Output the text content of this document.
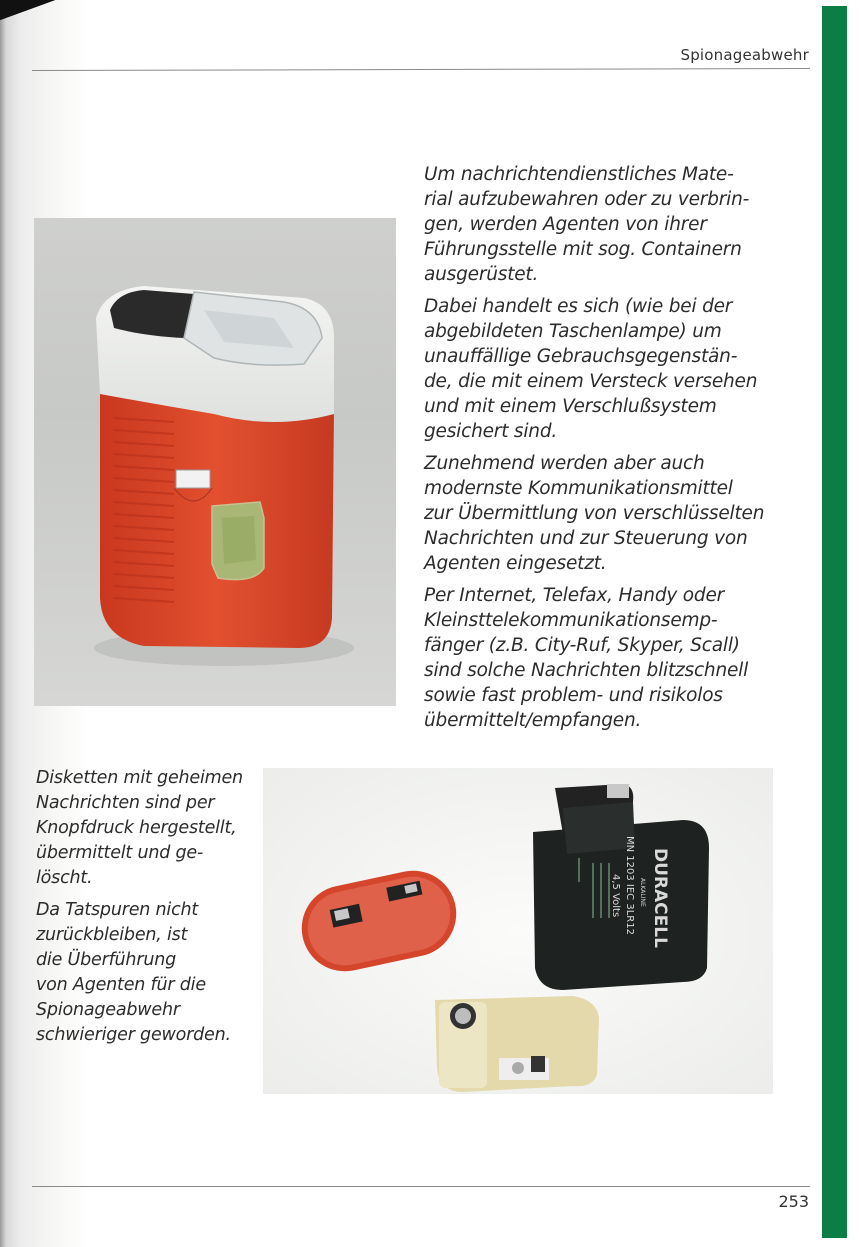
Spionageabwehr

Um nachrichtendienstliches Mate-
rial aufzubewahren oder zu verbrin-
gen, werden Agenten von ihrer
Führungsstelle mit sog. Containern
ausgerüstet.

Dabei handelt es sich (wie bei der
abgebildeten Taschenlampe) um
unauffällige Gebrauchsgegenstän-
de, die mit einem Versteck versehen
und mit einem Verschlußsystem
gesichert sind.

Zunehmend werden aber auch
modernste Kommunikationsmittel
zur Übermittlung von verschlüsselten
Nachrichten und zur Steuerung von
Agenten eingesetzt.

Per Internet, Telefax, Handy oder
Kleinsttelekommunikationsemp-
fänger (z.B. City-Ruf, Skyper, Scall)
sind solche Nachrichten blitzschnell
sowie fast problem- und risikolos
übermittelt/empfangen.

Disketten mit geheimen
Nachrichten sind per
Knopfdruck hergestellt,
übermittelt und ge-
löscht.

Da Tatspuren nicht
zurückbleiben, ist
die Überführung
von Agenten für die
Spionageabwehr
schwieriger geworden.

DURACELL
ALKALINE
MN 1203 IEC 3LR12
4,5 Volts
253
